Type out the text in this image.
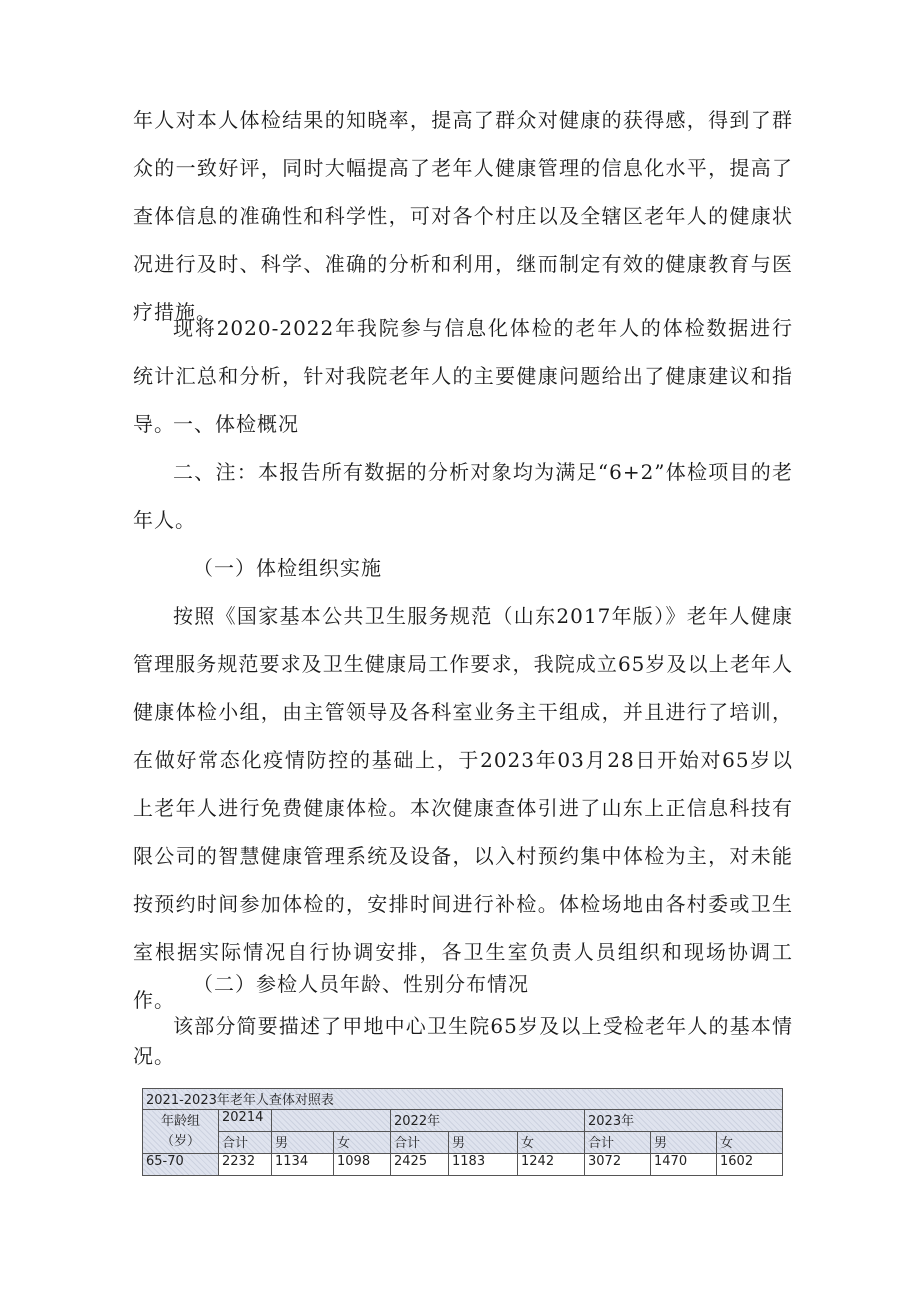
年人对本人体检结果的知晓率，提高了群众对健康的获得感，得到了群众的一致好评，同时大幅提高了老年人健康管理的信息化水平，提高了查体信息的准确性和科学性，可对各个村庄以及全辖区老年人的健康状况进行及时、科学、准确的分析和利用，继而制定有效的健康教育与医疗措施。

现将2020-2022年我院参与信息化体检的老年人的体检数据进行统计汇总和分析，针对我院老年人的主要健康问题给出了健康建议和指导。

一、体检概况

二、注：本报告所有数据的分析对象均为满足“6+2”体检项目的老年人。

（一）体检组织实施

按照《国家基本公共卫生服务规范（山东2017年版）》老年人健康管理服务规范要求及卫生健康局工作要求，我院成立65岁及以上老年人健康体检小组，由主管领导及各科室业务主干组成，并且进行了培训，在做好常态化疫情防控的基础上，于2023年03月28日开始对65岁以上老年人进行免费健康体检。本次健康查体引进了山东上正信息科技有限公司的智慧健康管理系统及设备，以入村预约集中体检为主，对未能按预约时间参加体检的，安排时间进行补检。体检场地由各村委或卫生室根据实际情况自行协调安排，各卫生室负责人员组织和现场协调工作。

（二）参检人员年龄、性别分布情况

该部分简要描述了甲地中心卫生院65岁及以上受检老年人的基本情况。

2021-2023年老年人查体对照表									
年龄组（岁）	20214			2022年			2023年		
	合计	男	女	合计	男	女	合计	男	女
65-70	2232	1134	1098	2425	1183	1242	3072	1470	1602
